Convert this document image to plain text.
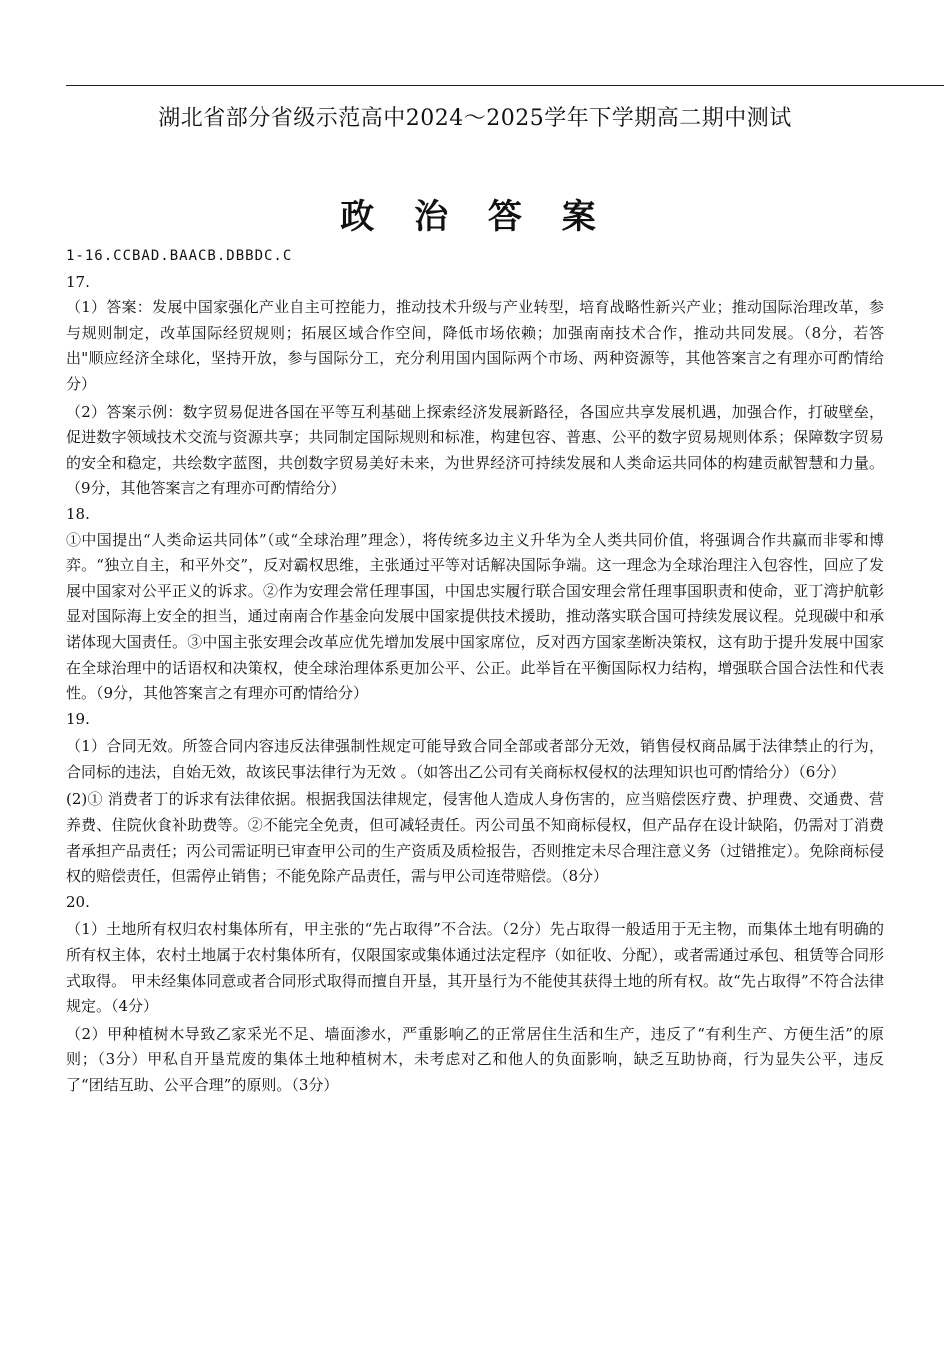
湖北省部分省级示范高中2024～2025学年下学期高二期中测试
政 治 答 案

1-16.CCBAD.BAACB.DBBDC.C

17.

（1）答案：发展中国家强化产业自主可控能力，推动技术升级与产业转型，培育战略性新兴产业；推动国际治理改革，参与规则制定，改革国际经贸规则；拓展区域合作空间，降低市场依赖；加强南南技术合作，推动共同发展。（8分，若答出"顺应经济全球化，坚持开放，参与国际分工，充分利用国内国际两个市场、两种资源等，其他答案言之有理亦可酌情给分）

（2）答案示例：数字贸易促进各国在平等互利基础上探索经济发展新路径，各国应共享发展机遇，加强合作，打破壁垒，促进数字领域技术交流与资源共享；共同制定国际规则和标准，构建包容、普惠、公平的数字贸易规则体系；保障数字贸易的安全和稳定，共绘数字蓝图，共创数字贸易美好未来，为世界经济可持续发展和人类命运共同体的构建贡献智慧和力量。（9分，其他答案言之有理亦可酌情给分）

18.

①中国提出“人类命运共同体”（或“全球治理”理念），将传统多边主义升华为全人类共同价值，将强调合作共赢而非零和博弈。“独立自主，和平外交”，反对霸权思维，主张通过平等对话解决国际争端。这一理念为全球治理注入包容性，回应了发展中国家对公平正义的诉求。②作为安理会常任理事国，中国忠实履行联合国安理会常任理事国职责和使命，亚丁湾护航彰显对国际海上安全的担当，通过南南合作基金向发展中国家提供技术援助，推动落实联合国可持续发展议程。兑现碳中和承诺体现大国责任。③中国主张安理会改革应优先增加发展中国家席位，反对西方国家垄断决策权，这有助于提升发展中国家在全球治理中的话语权和决策权，使全球治理体系更加公平、公正。此举旨在平衡国际权力结构，增强联合国合法性和代表性。（9分，其他答案言之有理亦可酌情给分）

19.

（1）合同无效。所签合同内容违反法律强制性规定可能导致合同全部或者部分无效，销售侵权商品属于法律禁止的行为，合同标的违法，自始无效，故该民事法律行为无效 。（如答出乙公司有关商标权侵权的法理知识也可酌情给分）（6分）

(2)① 消费者丁的诉求有法律依据。根据我国法律规定，侵害他人造成人身伤害的，应当赔偿医疗费、护理费、交通费、营养费、住院伙食补助费等。②不能完全免责，但可减轻责任。丙公司虽不知商标侵权，但产品存在设计缺陷，仍需对丁消费者承担产品责任；丙公司需证明已审查甲公司的生产资质及质检报告，否则推定未尽合理注意义务（过错推定）。免除商标侵权的赔偿责任，但需停止销售；不能免除产品责任，需与甲公司连带赔偿。（8分）

20.

（1）土地所有权归农村集体所有，甲主张的“先占取得”不合法。（2分）先占取得一般适用于无主物，而集体土地有明确的所有权主体，农村土地属于农村集体所有，仅限国家或集体通过法定程序（如征收、分配），或者需通过承包、租赁等合同形式取得。 甲未经集体同意或者合同形式取得而擅自开垦，其开垦行为不能使其获得土地的所有权。故“先占取得”不符合法律规定。（4分）

（2）甲种植树木导致乙家采光不足、墙面渗水，严重影响乙的正常居住生活和生产，违反了“有利生产、方便生活”的原则；（3分）甲私自开垦荒废的集体土地种植树木，未考虑对乙和他人的负面影响，缺乏互助协商，行为显失公平，违反了“团结互助、公平合理”的原则。（3分）
